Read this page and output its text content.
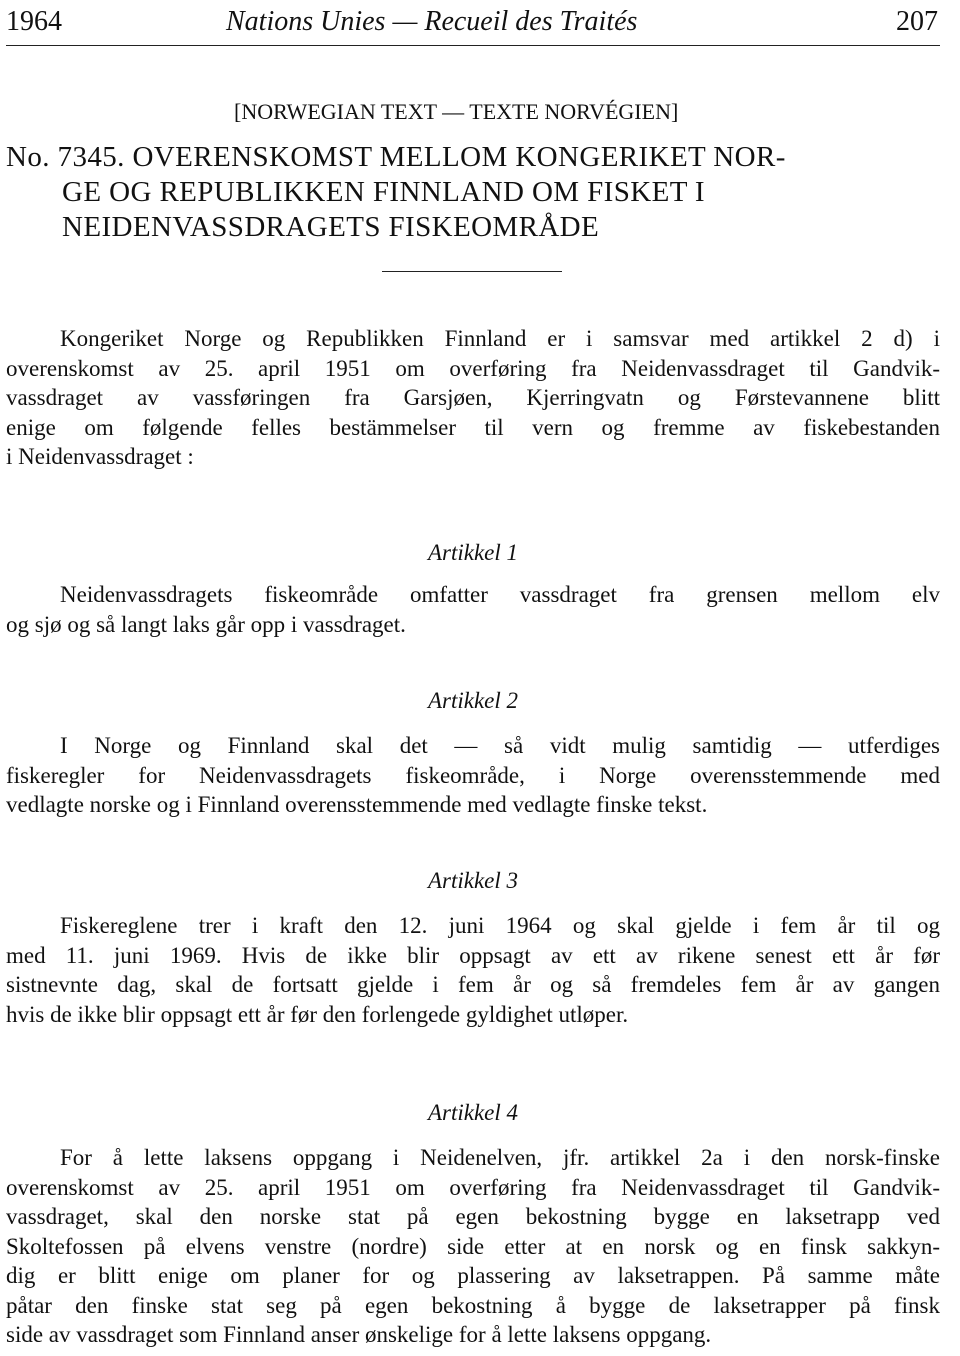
1964	Nations Unies — Recueil des Traités	207
[NORWEGIAN TEXT — TEXTE NORVÉGIEN]
No. 7345. OVERENSKOMST MELLOM KONGERIKET NOR-
GE OG REPUBLIKKEN FINNLAND OM FISKET I
NEIDENVASSDRAGETS FISKEOMRÅDE
Kongeriket Norge og Republikken Finnland er i samsvar med artikkel 2 d) i
overenskomst av 25. april 1951 om overføring fra Neidenvassdraget til Gandvik-
vassdraget av vassføringen fra Garsjøen, Kjerringvatn og Førstevannene blitt
enige om følgende felles bestämmelser til vern og fremme av fiskebestanden
i Neidenvassdraget :
Artikkel 1
Neidenvassdragets fiskeområde omfatter vassdraget fra grensen mellom elv
og sjø og så langt laks går opp i vassdraget.
Artikkel 2
I Norge og Finnland skal det — så vidt mulig samtidig — utferdiges
fiskeregler for Neidenvassdragets fiskeområde, i Norge overensstemmende med
vedlagte norske og i Finnland overensstemmende med vedlagte finske tekst.
Artikkel 3
Fiskereglene trer i kraft den 12. juni 1964 og skal gjelde i fem år til og
med 11. juni 1969. Hvis de ikke blir oppsagt av ett av rikene senest ett år før
sistnevnte dag, skal de fortsatt gjelde i fem år og så fremdeles fem år av gangen
hvis de ikke blir oppsagt ett år før den forlengede gyldighet utløper.
Artikkel 4
For å lette laksens oppgang i Neidenelven, jfr. artikkel 2a i den norsk-finske
overenskomst av 25. april 1951 om overføring fra Neidenvassdraget til Gandvik-
vassdraget, skal den norske stat på egen bekostning bygge en laksetrapp ved
Skoltefossen på elvens venstre (nordre) side etter at en norsk og en finsk sakkyn-
dig er blitt enige om planer for og plassering av laksetrappen. På samme måte
påtar den finske stat seg på egen bekostning å bygge de laksetrapper på finsk
side av vassdraget som Finnland anser ønskelige for å lette laksens oppgang.
